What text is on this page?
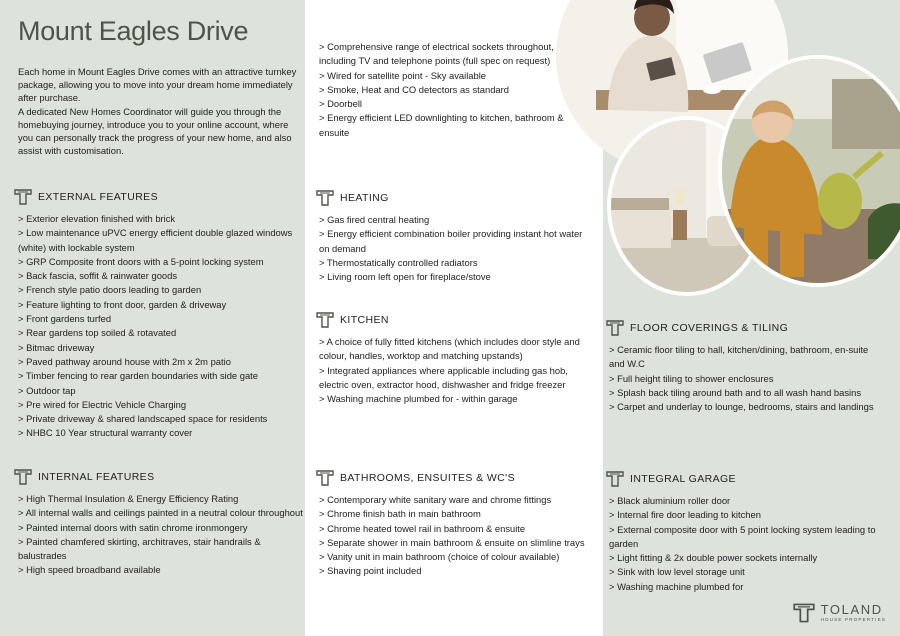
Mount Eagles Drive

Each home in Mount Eagles Drive comes with an attractive turnkey package, allowing you to move into your dream home immediately after purchase.

A dedicated New Homes Coordinator will guide you through the homebuying journey, introduce you to your online account, where you can personally track the progress of your new home, and also assist with customisation.

EXTERNAL FEATURES
> Exterior elevation finished with brick
> Low maintenance uPVC energy efficient double glazed windows (white) with lockable system
> GRP Composite front doors with a 5-point locking system
> Back fascia, soffit & rainwater goods
> French style patio doors leading to garden
> Feature lighting to front door, garden & driveway
> Front gardens turfed
> Rear gardens top soiled & rotavated
> Bitmac driveway
> Paved pathway around house with 2m x 2m patio
> Timber fencing to rear garden boundaries with side gate
> Outdoor tap
> Pre wired for Electric Vehicle Charging
> Private driveway & shared landscaped space for residents
> NHBC 10 Year structural warranty cover
INTERNAL FEATURES
> High Thermal Insulation & Energy Efficiency Rating
> All internal walls and ceilings painted in a neutral colour throughout
> Painted internal doors with satin chrome ironmongery
> Painted chamfered skirting, architraves, stair handrails & balustrades
> High speed broadband available
> Comprehensive range of electrical sockets throughout, including TV and telephone points (full spec on request)
> Wired for satellite point - Sky available
> Smoke, Heat and CO detectors as standard
> Doorbell
> Energy efficient LED downlighting to kitchen, bathroom & ensuite
HEATING
> Gas fired central heating
> Energy efficient combination boiler providing instant hot water on demand
> Thermostatically controlled radiators
> Living room left open for fireplace/stove
KITCHEN
> A choice of fully fitted kitchens (which includes door style and colour, handles, worktop and matching upstands)
> Integrated appliances where applicable including gas hob, electric oven, extractor hood, dishwasher and fridge freezer
> Washing machine plumbed for - within garage
BATHROOMS, ENSUITES & WC'S
> Contemporary white sanitary ware and chrome fittings
> Chrome finish bath in main bathroom
> Chrome heated towel rail in bathroom & ensuite
> Separate shower in main bathroom & ensuite on slimline trays
> Vanity unit in main bathroom (choice of colour available)
> Shaving point included
FLOOR COVERINGS & TILING
> Ceramic floor tiling to hall, kitchen/dining, bathroom, en-suite and W.C
> Full height tiling to shower enclosures
> Splash back tiling around bath and to all wash hand basins
> Carpet and underlay to lounge, bedrooms, stairs and landings
INTEGRAL GARAGE
> Black aluminium roller door
> Internal fire door leading to kitchen
> External composite door with 5 point locking system leading to garden
> Light fitting & 2x double power sockets internally
> Sink with low level storage unit
> Washing machine plumbed for
TOLAND
HOUSE PROPERTIES
